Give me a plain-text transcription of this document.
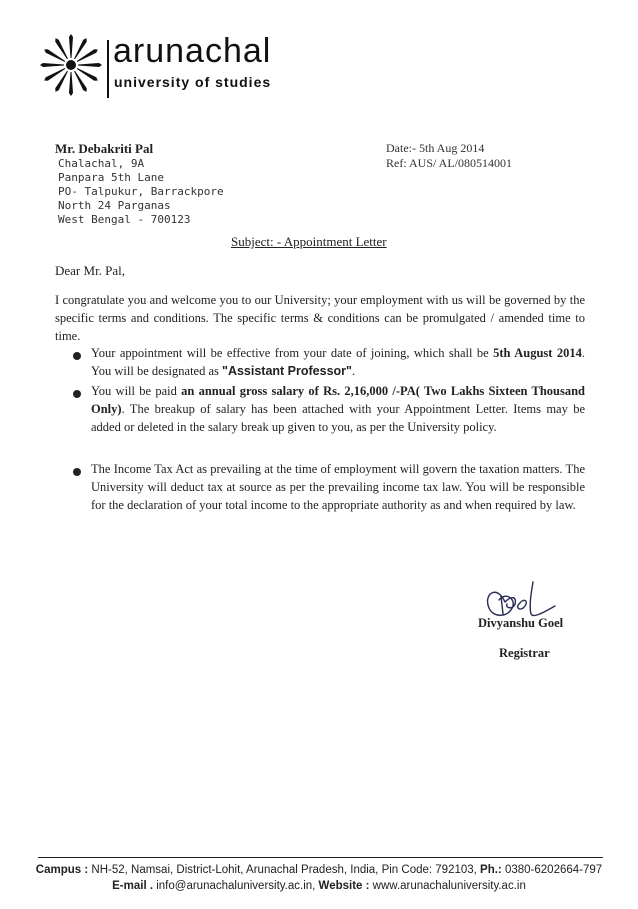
arunachal
university of studies
Mr. Debakriti Pal
Chalachal, 9A
Panpara 5th Lane
PO- Talpukur, Barrackpore
North 24 Parganas
West Bengal - 700123
Date:- 5th Aug 2014
Ref: AUS/ AL/080514001
Subject: - Appointment Letter
Dear Mr. Pal,
I congratulate you and welcome you to our University; your employment with us will be governed by the specific terms and conditions. The specific terms & conditions can be promulgated / amended time to time.
Your appointment will be effective from your date of joining, which shall be 5th August 2014. You will be designated as "Assistant Professor".
You will be paid an annual gross salary of Rs. 2,16,000 /-PA( Two Lakhs Sixteen Thousand Only). The breakup of salary has been attached with your Appointment Letter. Items may be added or deleted in the salary break up given to you, as per the University policy.
The Income Tax Act as prevailing at the time of employment will govern the taxation matters. The University will deduct tax at source as per the prevailing income tax law. You will be responsible for the declaration of your total income to the appropriate authority as and when required by law.
Divyanshu Goel
Registrar
Campus : NH-52, Namsai, District-Lohit, Arunachal Pradesh, India, Pin Code: 792103, Ph.: 0380-6202664-797
E-mail . info@arunachaluniversity.ac.in, Website : www.arunachaluniversity.ac.in
